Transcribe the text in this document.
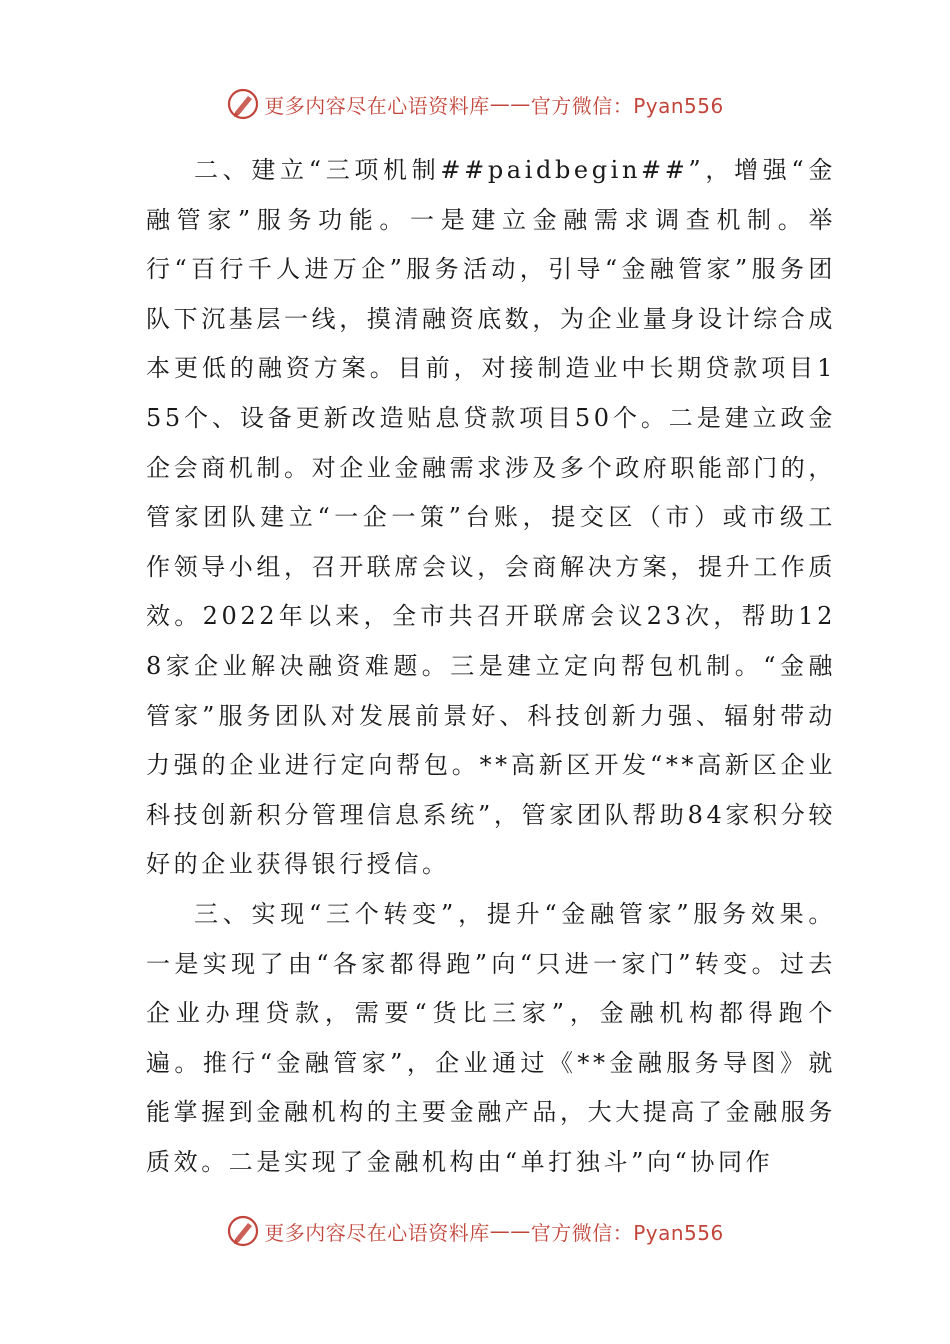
更多内容尽在心语资料库 —— 官方微信：Pyan556

二、建立“三项机制##paidbegin##”，增强“金融管家”服务功能。一是建立金融需求调查机制。举行“百行千人进万企”服务活动，引导“金融管家”服务团队下沉基层一线，摸清融资底数，为企业量身设计综合成本更低的融资方案。目前，对接制造业中长期贷款项目155个、设备更新改造贴息贷款项目50个。二是建立政金企会商机制。对企业金融需求涉及多个政府职能部门的，管家团队建立“一企一策”台账，提交区（市）或市级工作领导小组，召开联席会议，会商解决方案，提升工作质效。2022年以来，全市共召开联席会议23次，帮助128家企业解决融资难题。三是建立定向帮包机制。“金融管家”服务团队对发展前景好、科技创新力强、辐射带动力强的企业进行定向帮包。**高新区开发“**高新区企业科技创新积分管理信息系统”，管家团队帮助84家积分较好的企业获得银行授信。

三、实现“三个转变”，提升“金融管家”服务效果。一是实现了由“各家都得跑”向“只进一家门”转变。过去企业办理贷款，需要“货比三家”，金融机构都得跑个遍。推行“金融管家”，企业通过《**金融服务导图》就能掌握到金融机构的主要金融产品，大大提高了金融服务质效。二是实现了金融机构由“单打独斗”向“协同作

更多内容尽在心语资料库 —— 官方微信：Pyan556
